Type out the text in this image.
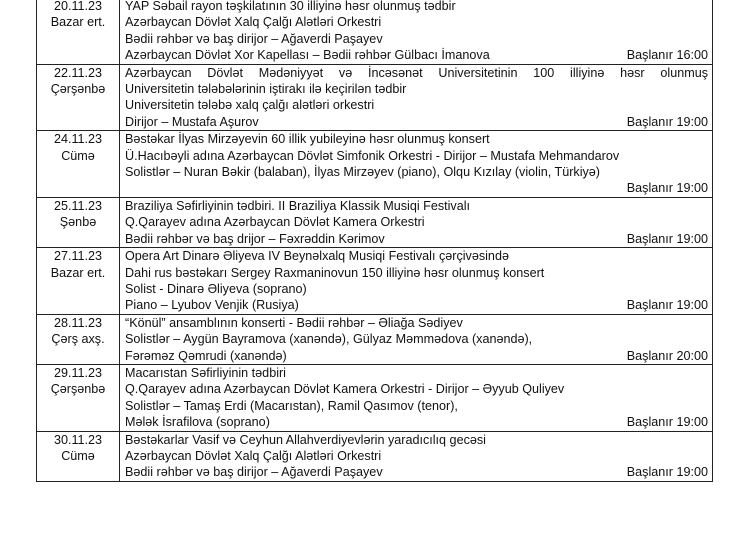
20.11.23
Bazar ert.	YAP Səbail rayon təşkilatının 30 illiyinə həsr olunmuş tədbir
Azərbaycan Dövlət Xalq Çalğı Alətləri Orkestri
Bədii rəhbər və baş dirijor – Ağaverdi Paşayev
Azərbaycan Dövlət Xor Kapellası – Bədii rəhbər Gülbacı İmanova Başlanır 16:00

22.11.23
Çərşənbə	Azərbaycan Dövlət Mədəniyyət və İncəsənət Universitetinin 100 illiyinə həsr olunmuş
Universitetin tələbələrinin iştirakı ilə keçirilən tədbir
Universitetin tələbə xalq çalğı alətləri orkestri
Dirijor – Mustafa Aşurov Başlanır 19:00

24.11.23
Cümə	Bəstəkar İlyas Mirzəyevin 60 illik yubileyinə həsr olunmuş konsert
Ü.Hacıbəyli adına Azərbaycan Dövlət Simfonik Orkestri - Dirijor – Mustafa Mehmandarov
Solistlər – Nuran Bəkir (balaban), İlyas Mirzəyev (piano), Olqu Kızılay (violin, Türkiyə)
Başlanır 19:00

25.11.23
Şənbə	Braziliya Səfirliyinin tədbiri. II Braziliya Klassik Musiqi Festivalı
Q.Qarayev adına Azərbaycan Dövlət Kamera Orkestri
Bədii rəhbər və baş drijor – Fəxrəddin Kərimov Başlanır 19:00

27.11.23
Bazar ert.	Opera Art Dinarə Əliyeva IV Beynəlxalq Musiqi Festivalı çərçivəsində
Dahi rus bəstəkarı Sergey Raxmaninovun 150 illiyinə həsr olunmuş konsert
Solist - Dinarə Əliyeva (soprano)
Piano – Lyubov Venjik (Rusiya) Başlanır 19:00

28.11.23
Çərş axş.	“Könül” ansamblının konserti - Bədii rəhbər – Əliağa Sədiyev
Solistlər – Aygün Bayramova (xanəndə), Gülyaz Məmmədova (xanəndə),
Fərəməz Qəmrudi (xanəndə) Başlanır 20:00

29.11.23
Çərşənbə	Macarıstan Səfirliyinin tədbiri
Q.Qarayev adına Azərbaycan Dövlət Kamera Orkestri - Dirijor – Əyyub Quliyev
Solistlər – Tamaş Erdi (Macarıstan), Ramil Qasımov (tenor),
Mələk İsrafilova (soprano) Başlanır 19:00

30.11.23
Cümə	Bəstəkarlar Vasif və Ceyhun Allahverdiyevlərin yaradıcılıq gecəsi
Azərbaycan Dövlət Xalq Çalğı Alətləri Orkestri
Bədii rəhbər və baş dirijor – Ağaverdi Paşayev Başlanır 19:00
